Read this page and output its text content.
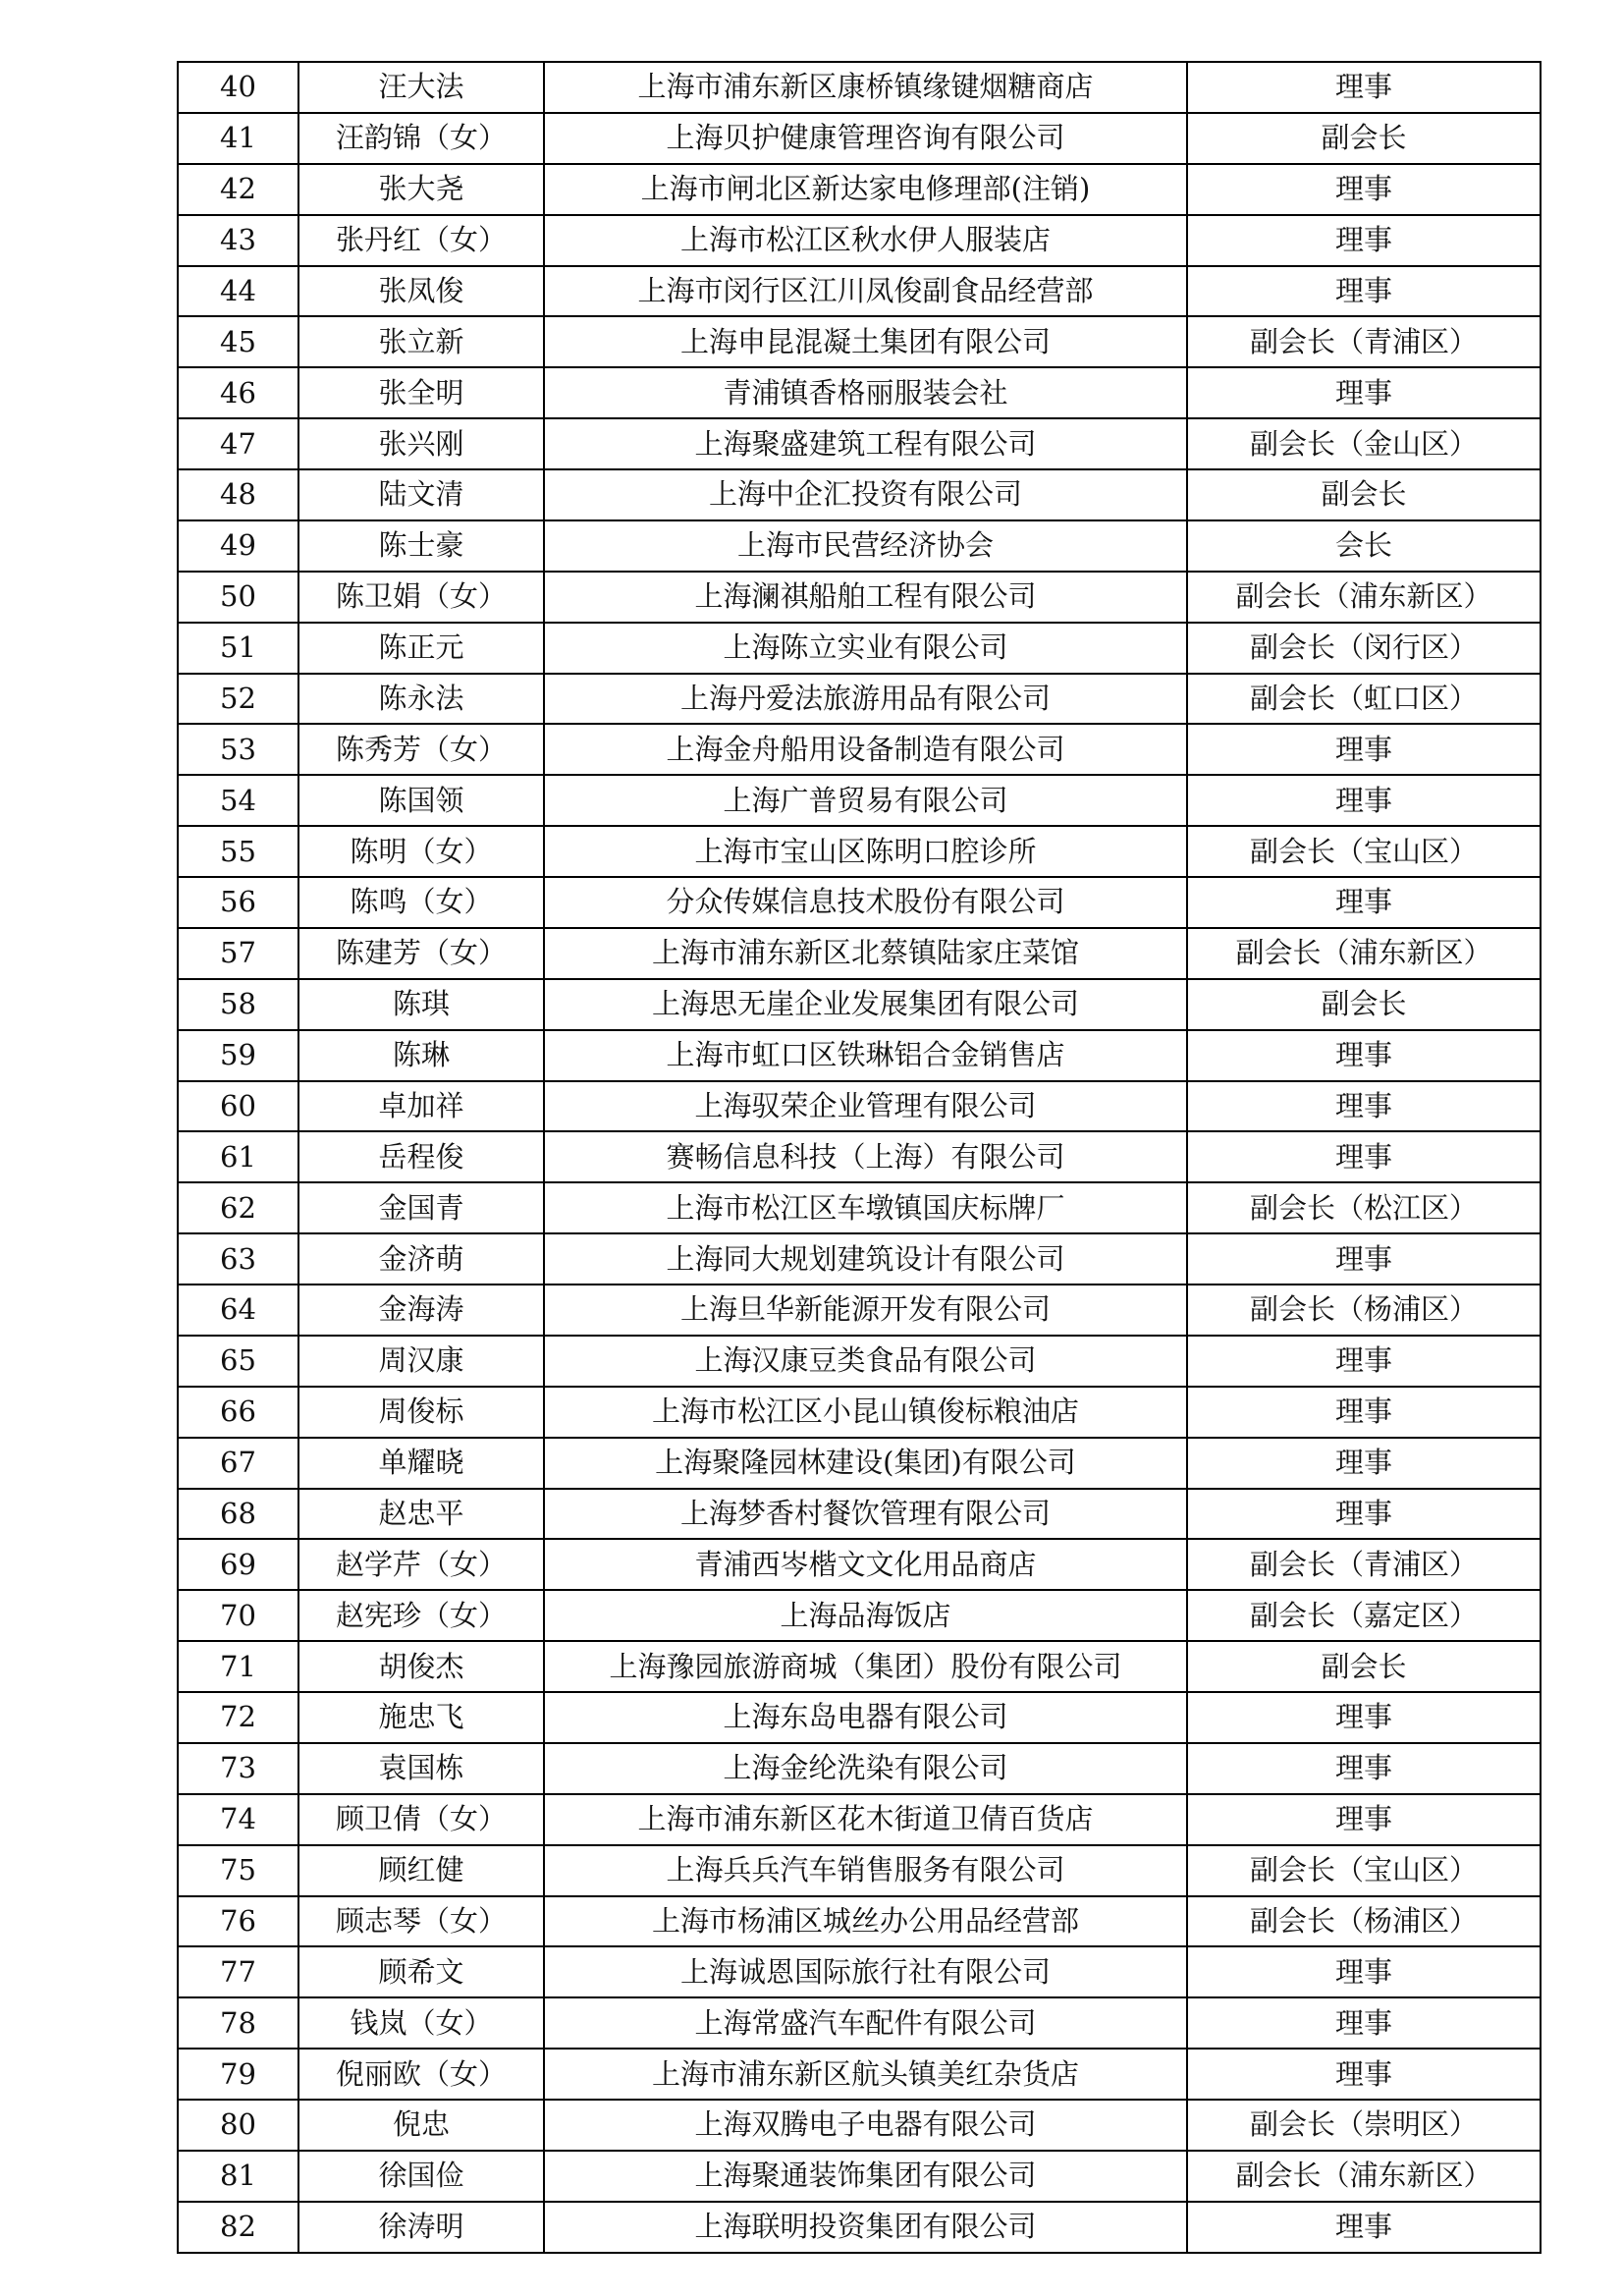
40	汪大法	上海市浦东新区康桥镇缘键烟糖商店	理事
41	汪韵锦（女）	上海贝护健康管理咨询有限公司	副会长
42	张大尧	上海市闸北区新达家电修理部(注销)	理事
43	张丹红（女）	上海市松江区秋水伊人服装店	理事
44	张凤俊	上海市闵行区江川凤俊副食品经营部	理事
45	张立新	上海申昆混凝土集团有限公司	副会长（青浦区）
46	张全明	青浦镇香格丽服装会社	理事
47	张兴刚	上海聚盛建筑工程有限公司	副会长（金山区）
48	陆文清	上海中企汇投资有限公司	副会长
49	陈士豪	上海市民营经济协会	会长
50	陈卫娟（女）	上海澜祺船舶工程有限公司	副会长（浦东新区）
51	陈正元	上海陈立实业有限公司	副会长（闵行区）
52	陈永法	上海丹爱法旅游用品有限公司	副会长（虹口区）
53	陈秀芳（女）	上海金舟船用设备制造有限公司	理事
54	陈国领	上海广普贸易有限公司	理事
55	陈明（女）	上海市宝山区陈明口腔诊所	副会长（宝山区）
56	陈鸣（女）	分众传媒信息技术股份有限公司	理事
57	陈建芳（女）	上海市浦东新区北蔡镇陆家庄菜馆	副会长（浦东新区）
58	陈琪	上海思无崖企业发展集团有限公司	副会长
59	陈琳	上海市虹口区铁琳铝合金销售店	理事
60	卓加祥	上海驭荣企业管理有限公司	理事
61	岳程俊	赛畅信息科技（上海）有限公司	理事
62	金国青	上海市松江区车墩镇国庆标牌厂	副会长（松江区）
63	金济萌	上海同大规划建筑设计有限公司	理事
64	金海涛	上海旦华新能源开发有限公司	副会长（杨浦区）
65	周汉康	上海汉康豆类食品有限公司	理事
66	周俊标	上海市松江区小昆山镇俊标粮油店	理事
67	单耀晓	上海聚隆园林建设(集团)有限公司	理事
68	赵忠平	上海梦香村餐饮管理有限公司	理事
69	赵学芹（女）	青浦西岑楷文文化用品商店	副会长（青浦区）
70	赵宪珍（女）	上海品海饭店	副会长（嘉定区）
71	胡俊杰	上海豫园旅游商城（集团）股份有限公司	副会长
72	施忠飞	上海东岛电器有限公司	理事
73	袁国栋	上海金纶洗染有限公司	理事
74	顾卫倩（女）	上海市浦东新区花木街道卫倩百货店	理事
75	顾红健	上海兵兵汽车销售服务有限公司	副会长（宝山区）
76	顾志琴（女）	上海市杨浦区城丝办公用品经营部	副会长（杨浦区）
77	顾希文	上海诚恩国际旅行社有限公司	理事
78	钱岚（女）	上海常盛汽车配件有限公司	理事
79	倪丽欧（女）	上海市浦东新区航头镇美红杂货店	理事
80	倪忠	上海双腾电子电器有限公司	副会长（崇明区）
81	徐国俭	上海聚通装饰集团有限公司	副会长（浦东新区）
82	徐涛明	上海联明投资集团有限公司	理事
